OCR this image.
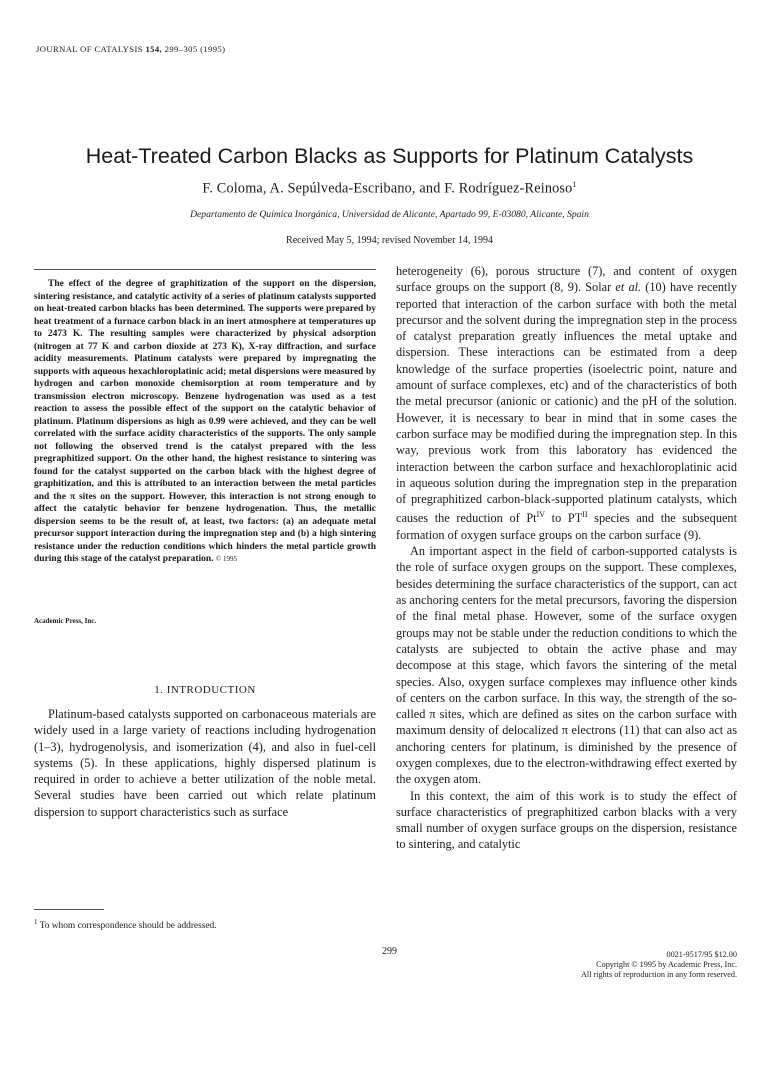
JOURNAL OF CATALYSIS 154, 299–305 (1995)
Heat-Treated Carbon Blacks as Supports for Platinum Catalysts
F. Coloma, A. Sepúlveda-Escribano, and F. Rodríguez-Reinoso$^1$
Departamento de Química Inorgánica, Universidad de Alicante, Apartado 99, E-03080, Alicante, Spain
Received May 5, 1994; revised November 14, 1994

The effect of the degree of graphitization of the support on the dispersion, sintering resistance, and catalytic activity of a series of platinum catalysts supported on heat-treated carbon blacks has been determined. The supports were prepared by heat treatment of a furnace carbon black in an inert atmosphere at temperatures up to 2473 K. The resulting samples were characterized by physical adsorption (nitrogen at 77 K and carbon dioxide at 273 K), X-ray diffraction, and surface acidity measurements. Platinum catalysts were prepared by impregnating the supports with aqueous hexachloroplatinic acid; metal dispersions were measured by hydrogen and carbon monoxide chemisorption at room temperature and by transmission electron microscopy. Benzene hydrogenation was used as a test reaction to assess the possible effect of the support on the catalytic behavior of platinum. Platinum dispersions as high as 0.99 were achieved, and they can be well correlated with the surface acidity characteristics of the supports. The only sample not following the observed trend is the catalyst prepared with the less pregraphitized support. On the other hand, the highest resistance to sintering was found for the catalyst supported on the carbon black with the highest degree of graphitization, and this is attributed to an interaction between the metal particles and the π sites on the support. However, this interaction is not strong enough to affect the catalytic behavior for benzene hydrogenation. Thus, the metallic dispersion seems to be the result of, at least, two factors: (a) an adequate metal precursor support interaction during the impregnation step and (b) a high sintering resistance under the reduction conditions which hinders the metal particle growth during this stage of the catalyst preparation. © 1995

Academic Press, Inc.
1. INTRODUCTION

Platinum-based catalysts supported on carbonaceous materials are widely used in a large variety of reactions including hydrogenation (1–3), hydrogenolysis, and isomerization (4), and also in fuel-cell systems (5). In these applications, highly dispersed platinum is required in order to achieve a better utilization of the noble metal. Several studies have been carried out which relate platinum dispersion to support characteristics such as surface

$^1$ To whom correspondence should be addressed.

heterogeneity (6), porous structure (7), and content of oxygen surface groups on the support (8, 9). Solar et al. (10) have recently reported that interaction of the carbon surface with both the metal precursor and the solvent during the impregnation step in the process of catalyst preparation greatly influences the metal uptake and dispersion. These interactions can be estimated from a deep knowledge of the surface properties (isoelectric point, nature and amount of surface complexes, etc) and of the characteristics of both the metal precursor (anionic or cationic) and the pH of the solution. However, it is necessary to bear in mind that in some cases the carbon surface may be modified during the impregnation step. In this way, previous work from this laboratory has evidenced the interaction between the carbon surface and hexachloroplatinic acid in aqueous solution during the impregnation step in the preparation of pregraphitized carbon-black-supported platinum catalysts, which causes the reduction of $Pt^{IV}$ to $PT^{II}$ species and the subsequent formation of oxygen surface groups on the carbon surface (9).

An important aspect in the field of carbon-supported catalysts is the role of surface oxygen groups on the support. These complexes, besides determining the surface characteristics of the support, can act as anchoring centers for the metal precursors, favoring the dispersion of the final metal phase. However, some of the surface oxygen groups may not be stable under the reduction conditions to which the catalysts are subjected to obtain the active phase and may decompose at this stage, which favors the sintering of the metal species. Also, oxygen surface complexes may influence other kinds of centers on the carbon surface. In this way, the strength of the so-called π sites, which are defined as sites on the carbon surface with maximum density of delocalized π electrons (11) that can also act as anchoring centers for platinum, is diminished by the presence of oxygen complexes, due to the electron-withdrawing effect exerted by the oxygen atom.

In this context, the aim of this work is to study the effect of surface characteristics of pregraphitized carbon blacks with a very small number of oxygen surface groups on the dispersion, resistance to sintering, and catalytic

299	0021-9517/95 $12.00
Copyright © 1995 by Academic Press, Inc.
All rights of reproduction in any form reserved.
